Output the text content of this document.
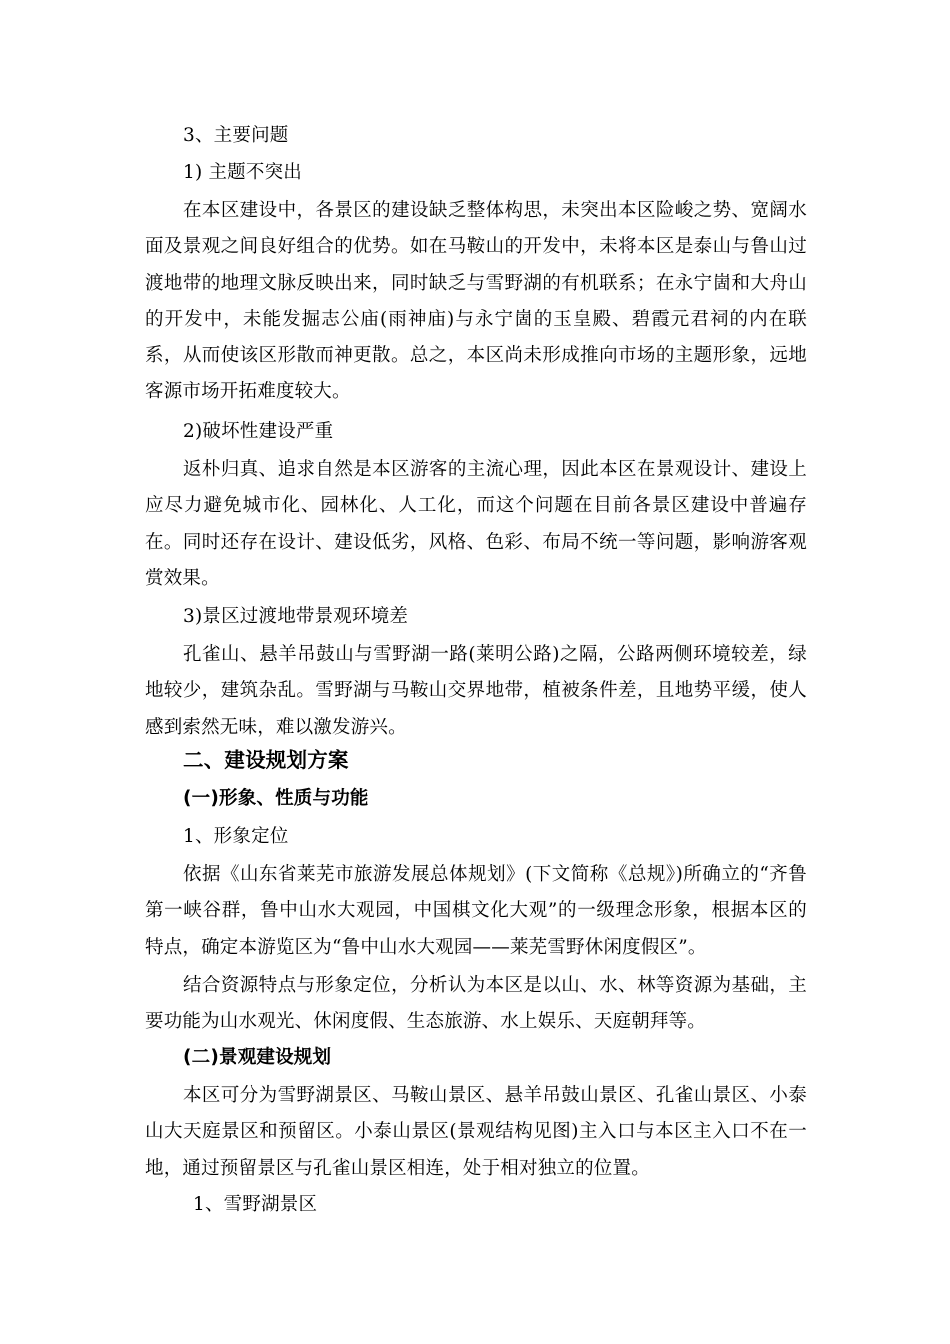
3、主要问题
1) 主题不突出
在本区建设中，各景区的建设缺乏整体构思，未突出本区险峻之势、宽阔水面及景观之间良好组合的优势。如在马鞍山的开发中，未将本区是泰山与鲁山过渡地带的地理文脉反映出来，同时缺乏与雪野湖的有机联系；在永宁崮和大舟山的开发中，未能发掘志公庙(雨神庙)与永宁崮的玉皇殿、碧霞元君祠的内在联系，从而使该区形散而神更散。总之，本区尚未形成推向市场的主题形象，远地客源市场开拓难度较大。
2)破坏性建设严重
返朴归真、追求自然是本区游客的主流心理，因此本区在景观设计、建设上应尽力避免城市化、园林化、人工化，而这个问题在目前各景区建设中普遍存在。同时还存在设计、建设低劣，风格、色彩、布局不统一等问题，影响游客观赏效果。
3)景区过渡地带景观环境差
孔雀山、悬羊吊鼓山与雪野湖一路(莱明公路)之隔，公路两侧环境较差，绿地较少，建筑杂乱。雪野湖与马鞍山交界地带，植被条件差，且地势平缓，使人感到索然无味，难以激发游兴。
二、建设规划方案
(一)形象、性质与功能
1、形象定位
依据《山东省莱芜市旅游发展总体规划》(下文简称《总规》)所确立的“齐鲁第一峡谷群，鲁中山水大观园，中国棋文化大观”的一级理念形象，根据本区的特点，确定本游览区为“鲁中山水大观园——莱芜雪野休闲度假区”。
结合资源特点与形象定位，分析认为本区是以山、水、林等资源为基础，主要功能为山水观光、休闲度假、生态旅游、水上娱乐、天庭朝拜等。
(二)景观建设规划
本区可分为雪野湖景区、马鞍山景区、悬羊吊鼓山景区、孔雀山景区、小泰山大天庭景区和预留区。小泰山景区(景观结构见图)主入口与本区主入口不在一地，通过预留景区与孔雀山景区相连，处于相对独立的位置。
1、雪野湖景区
